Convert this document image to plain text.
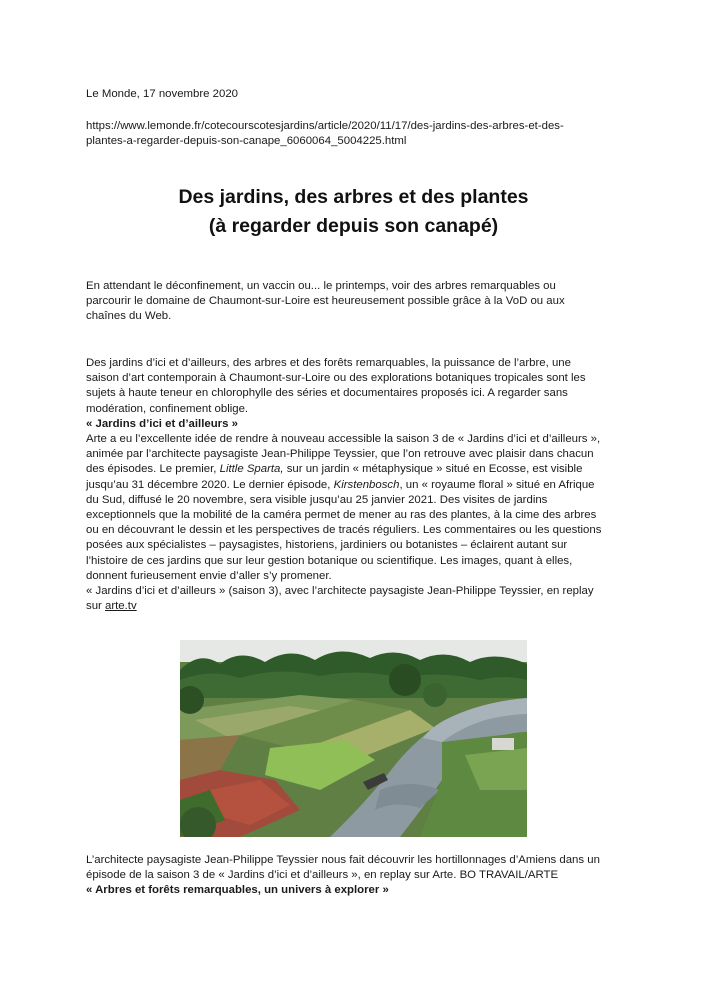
Le Monde, 17 novembre 2020
https://www.lemonde.fr/cotecourscotesjardins/article/2020/11/17/des-jardins-des-arbres-et-des-
plantes-a-regarder-depuis-son-canape_6060064_5004225.html
Des jardins, des arbres et des plantes
(à regarder depuis son canapé)
En attendant le déconfinement, un vaccin ou... le printemps, voir des arbres remarquables ou
parcourir le domaine de Chaumont-sur-Loire est heureusement possible grâce à la VoD ou aux
chaînes du Web.
Des jardins d’ici et d’ailleurs, des arbres et des forêts remarquables, la puissance de l’arbre, une
saison d’art contemporain à Chaumont-sur-Loire ou des explorations botaniques tropicales sont les
sujets à haute teneur en chlorophylle des séries et documentaires proposés ici. A regarder sans
modération, confinement oblige.
« Jardins d’ici et d’ailleurs »
Arte a eu l’excellente idée de rendre à nouveau accessible la saison 3 de « Jardins d’ici et d’ailleurs »,
animée par l’architecte paysagiste Jean-Philippe Teyssier, que l’on retrouve avec plaisir dans chacun
des épisodes. Le premier, Little Sparta, sur un jardin « métaphysique » situé en Ecosse, est visible
jusqu’au 31 décembre 2020. Le dernier épisode, Kirstenbosch, un « royaume floral » situé en Afrique
du Sud, diffusé le 20 novembre, sera visible jusqu’au 25 janvier 2021. Des visites de jardins
exceptionnels que la mobilité de la caméra permet de mener au ras des plantes, à la cime des arbres
ou en découvrant le dessin et les perspectives de tracés réguliers. Les commentaires ou les questions
posées aux spécialistes – paysagistes, historiens, jardiniers ou botanistes – éclairent autant sur
l’histoire de ces jardins que sur leur gestion botanique ou scientifique. Les images, quant à elles,
donnent furieusement envie d’aller s’y promener.
« Jardins d’ici et d’ailleurs » (saison 3), avec l’architecte paysagiste Jean-Philippe Teyssier, en replay
sur arte.tv
L’architecte paysagiste Jean-Philippe Teyssier nous fait découvrir les hortillonnages d’Amiens dans un
épisode de la saison 3 de « Jardins d’ici et d’ailleurs », en replay sur Arte. BO TRAVAIL/ARTE
« Arbres et forêts remarquables, un univers à explorer »
